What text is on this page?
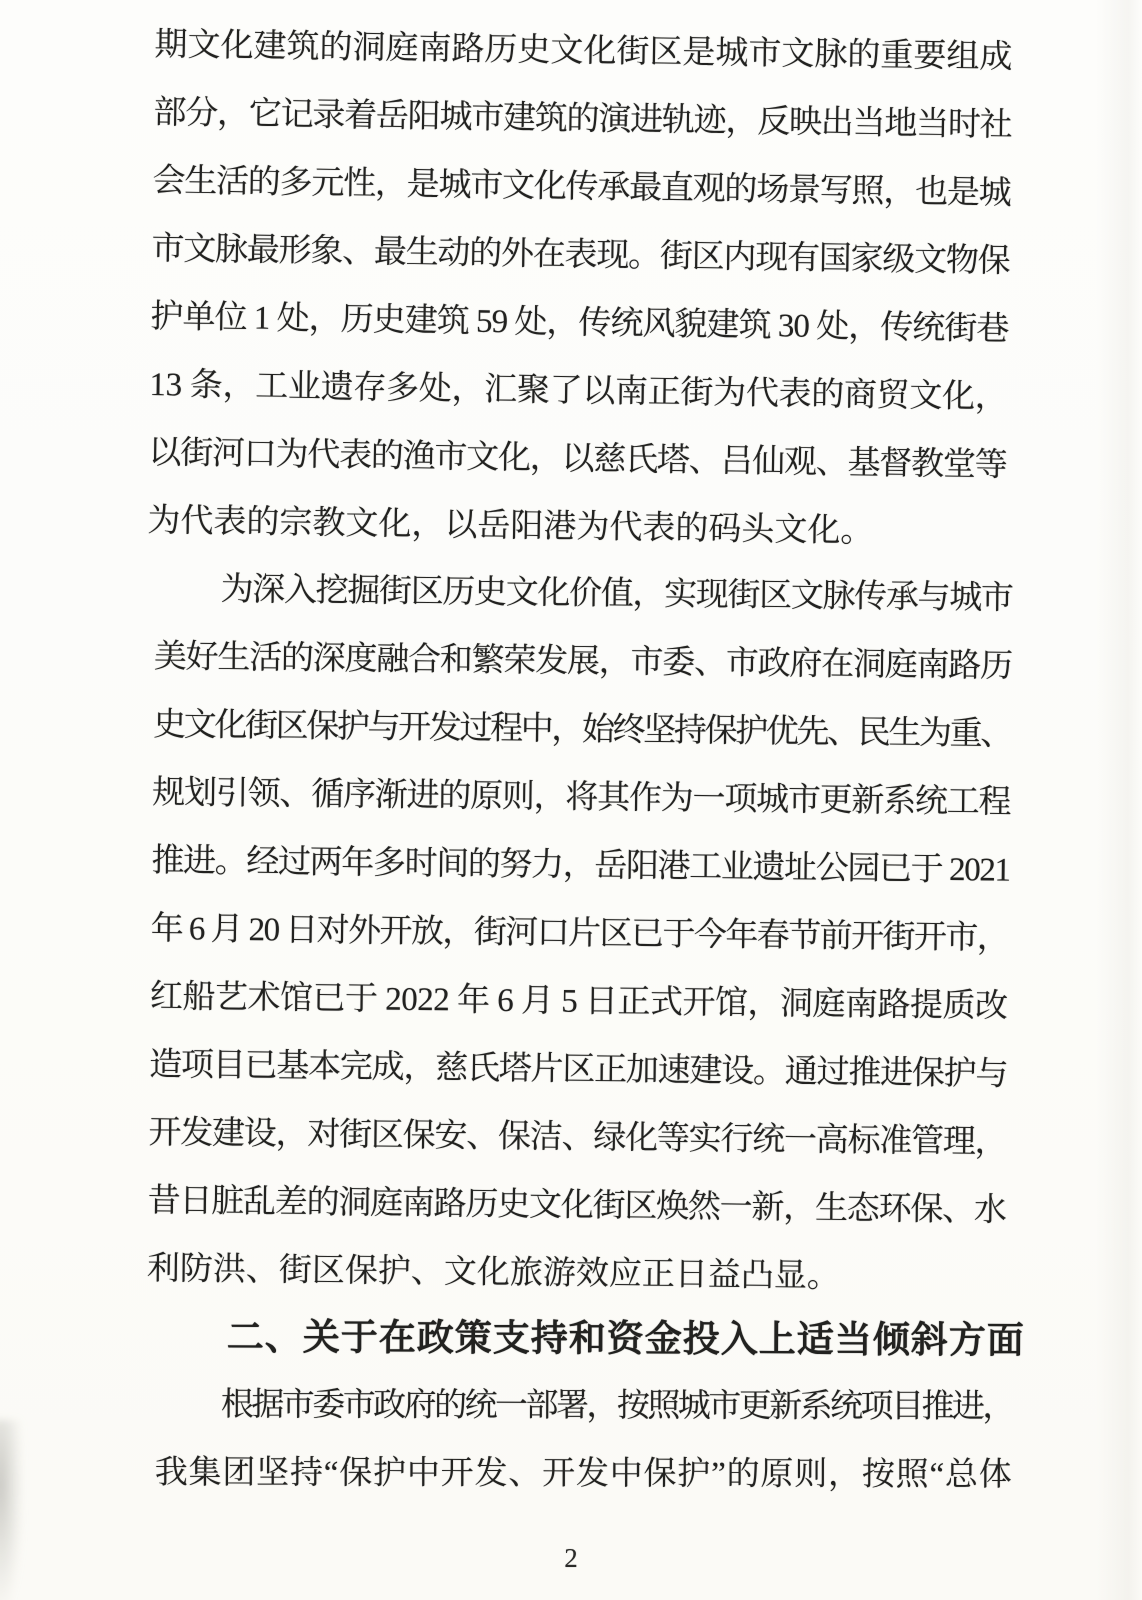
期文化建筑的洞庭南路历史文化街区是城市文脉的重要组成
部分，它记录着岳阳城市建筑的演进轨迹，反映出当地当时社
会生活的多元性，是城市文化传承最直观的场景写照，也是城
市文脉最形象、最生动的外在表现。街区内现有国家级文物保
护单位 1 处，历史建筑 59 处，传统风貌建筑 30 处，传统街巷
13 条，工业遗存多处，汇聚了以南正街为代表的商贸文化，
以街河口为代表的渔市文化，以慈氏塔、吕仙观、基督教堂等
为代表的宗教文化，以岳阳港为代表的码头文化。
为深入挖掘街区历史文化价值，实现街区文脉传承与城市
美好生活的深度融合和繁荣发展，市委、市政府在洞庭南路历
史文化街区保护与开发过程中，始终坚持保护优先、民生为重、
规划引领、循序渐进的原则，将其作为一项城市更新系统工程
推进。经过两年多时间的努力，岳阳港工业遗址公园已于 2021
年 6 月 20 日对外开放，街河口片区已于今年春节前开街开市，
红船艺术馆已于 2022 年 6 月 5 日正式开馆，洞庭南路提质改
造项目已基本完成，慈氏塔片区正加速建设。通过推进保护与
开发建设，对街区保安、保洁、绿化等实行统一高标准管理，
昔日脏乱差的洞庭南路历史文化街区焕然一新，生态环保、水
利防洪、街区保护、文化旅游效应正日益凸显。
二、关于在政策支持和资金投入上适当倾斜方面
根据市委市政府的统一部署，按照城市更新系统项目推进，
我集团坚持“保护中开发、开发中保护”的原则，按照“总体
2
